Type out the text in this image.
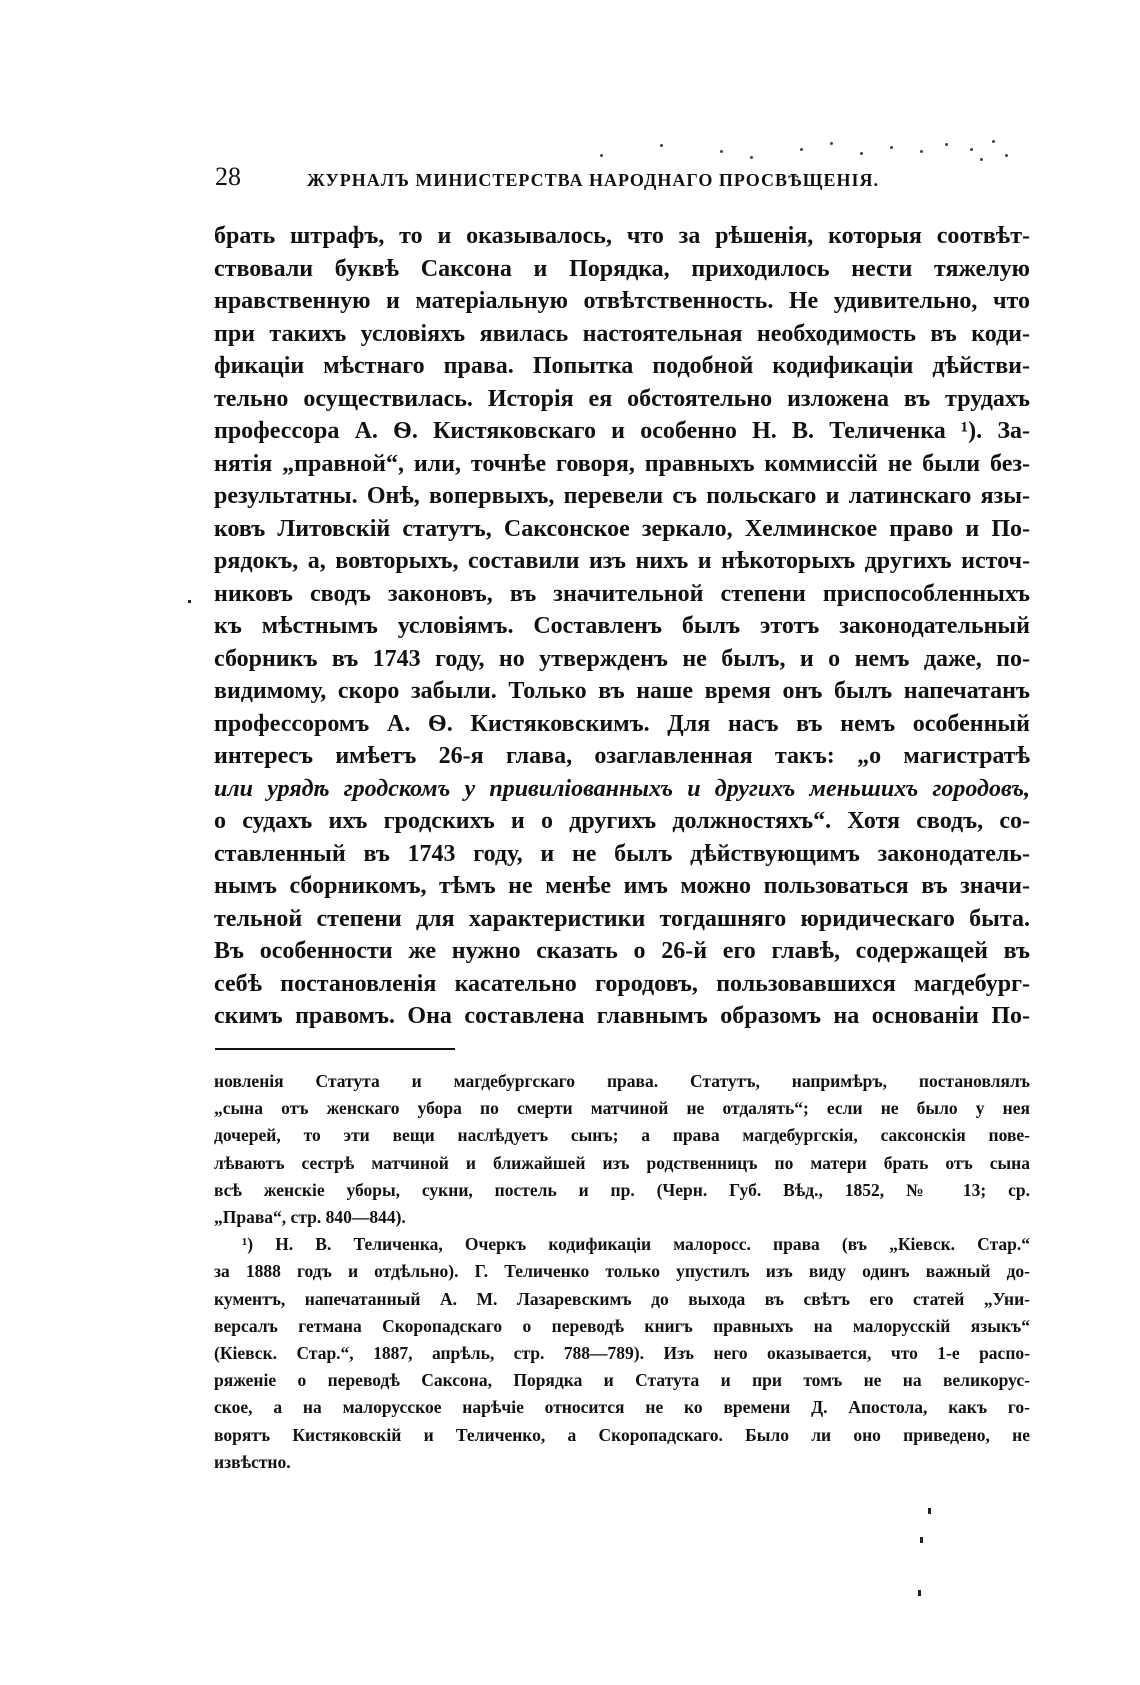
28	ЖУРНАЛЪ МИНИСТЕРСТВА НАРОДНАГО ПРОСВѢЩЕНІЯ.
брать штрафъ, то и оказывалось, что за рѣшенія, которыя соотвѣт-
ствовали буквѣ Саксона и Порядка, приходилось нести тяжелую
нравственную и матеріальную отвѣтственность. Не удивительно, что
при такихъ условіяхъ явилась настоятельная необходимость въ коди-
фикаціи мѣстнаго права. Попытка подобной кодификаціи дѣйстви-
тельно осуществилась. Исторія ея обстоятельно изложена въ трудахъ
профессора А. Ѳ. Кистяковскаго и особенно Н. В. Теличенка ¹). За-
нятія „правной“, или, точнѣе говоря, правныхъ коммиссій не были без-
результатны. Онѣ, вопервыхъ, перевели съ польскаго и латинскаго язы-
ковъ Литовскій статутъ, Саксонское зеркало, Хелминское право и По-
рядокъ, а, вовторыхъ, составили изъ нихъ и нѣкоторыхъ другихъ источ-
никовъ сводъ законовъ, въ значительной степени приспособленныхъ
къ мѣстнымъ условіямъ. Составленъ былъ этотъ законодательный
сборникъ въ 1743 году, но утвержденъ не былъ, и о немъ даже, по-
видимому, скоро забыли. Только въ наше время онъ былъ напечатанъ
профессоромъ А. Ѳ. Кистяковскимъ. Для насъ въ немъ особенный
интересъ имѣетъ 26-я глава, озаглавленная такъ: „о магистратѣ
или урядѣ гродскомъ у привилiованныхъ и другихъ меньшихъ городовъ,
о судахъ ихъ гродскихъ и о другихъ должностяхъ“. Хотя сводъ, со-
ставленный въ 1743 году, и не былъ дѣйствующимъ законодатель-
нымъ сборникомъ, тѣмъ не менѣе имъ можно пользоваться въ значи-
тельной степени для характеристики тогдашняго юридическаго быта.
Въ особенности же нужно сказать о 26-й его главѣ, содержащей въ
себѣ постановленія касательно городовъ, пользовавшихся магдебург-
скимъ правомъ. Она составлена главнымъ образомъ на основаніи По-
новленія Статута и магдебургскаго права. Статутъ, напримѣръ, постановлялъ
„сына отъ женскаго убора по смерти матчиной не отдалять“; если не было у нея
дочерей, то эти вещи наслѣдуетъ сынъ; а права магдебургскія, саксонскія пове-
лѣваютъ сестрѣ матчиной и ближайшей изъ родственницъ по матери брать отъ сына
всѣ женскіе уборы, сукни, постель и пр. (Черн. Губ. Вѣд., 1852, № 13; ср.
„Права“, стр. 840—844).
¹) Н. В. Теличенка, Очеркъ кодификаціи малоросс. права (въ „Кіевск. Стар.“
за 1888 годъ и отдѣльно). Г. Теличенко только упустилъ изъ виду одинъ важный до-
кументъ, напечатанный А. М. Лазаревскимъ до выхода въ свѣтъ его статей „Уни-
версалъ гетмана Скоропадскаго о переводѣ книгъ правныхъ на малорусскій языкъ“
(Кіевск. Стар.“, 1887, апрѣль, стр. 788—789). Изъ него оказывается, что 1-е распо-
ряженіе о переводѣ Саксона, Порядка и Статута и при томъ не на великорус-
ское, а на малорусское нарѣчіе относится не ко времени Д. Апостола, какъ го-
ворятъ Кистяковскій и Теличенко, а Скоропадскаго. Было ли оно приведено, не
извѣстно.
